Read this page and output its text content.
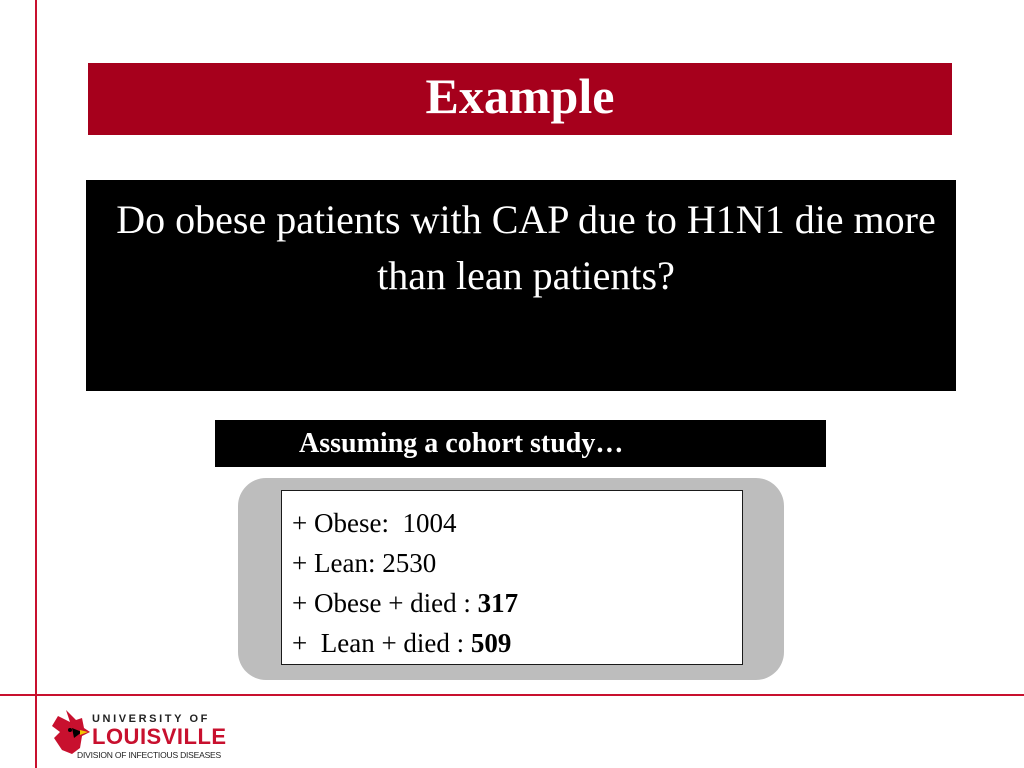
Example

Do obese patients with CAP due to H1N1 die more than lean patients?

Assuming a cohort study…
+ Obese:  1004
+ Lean: 2530
+ Obese + died : 317
+  Lean + died : 509
UNIVERSITY OF
LOUISVILLE
DIVISION OF INFECTIOUS DISEASES
